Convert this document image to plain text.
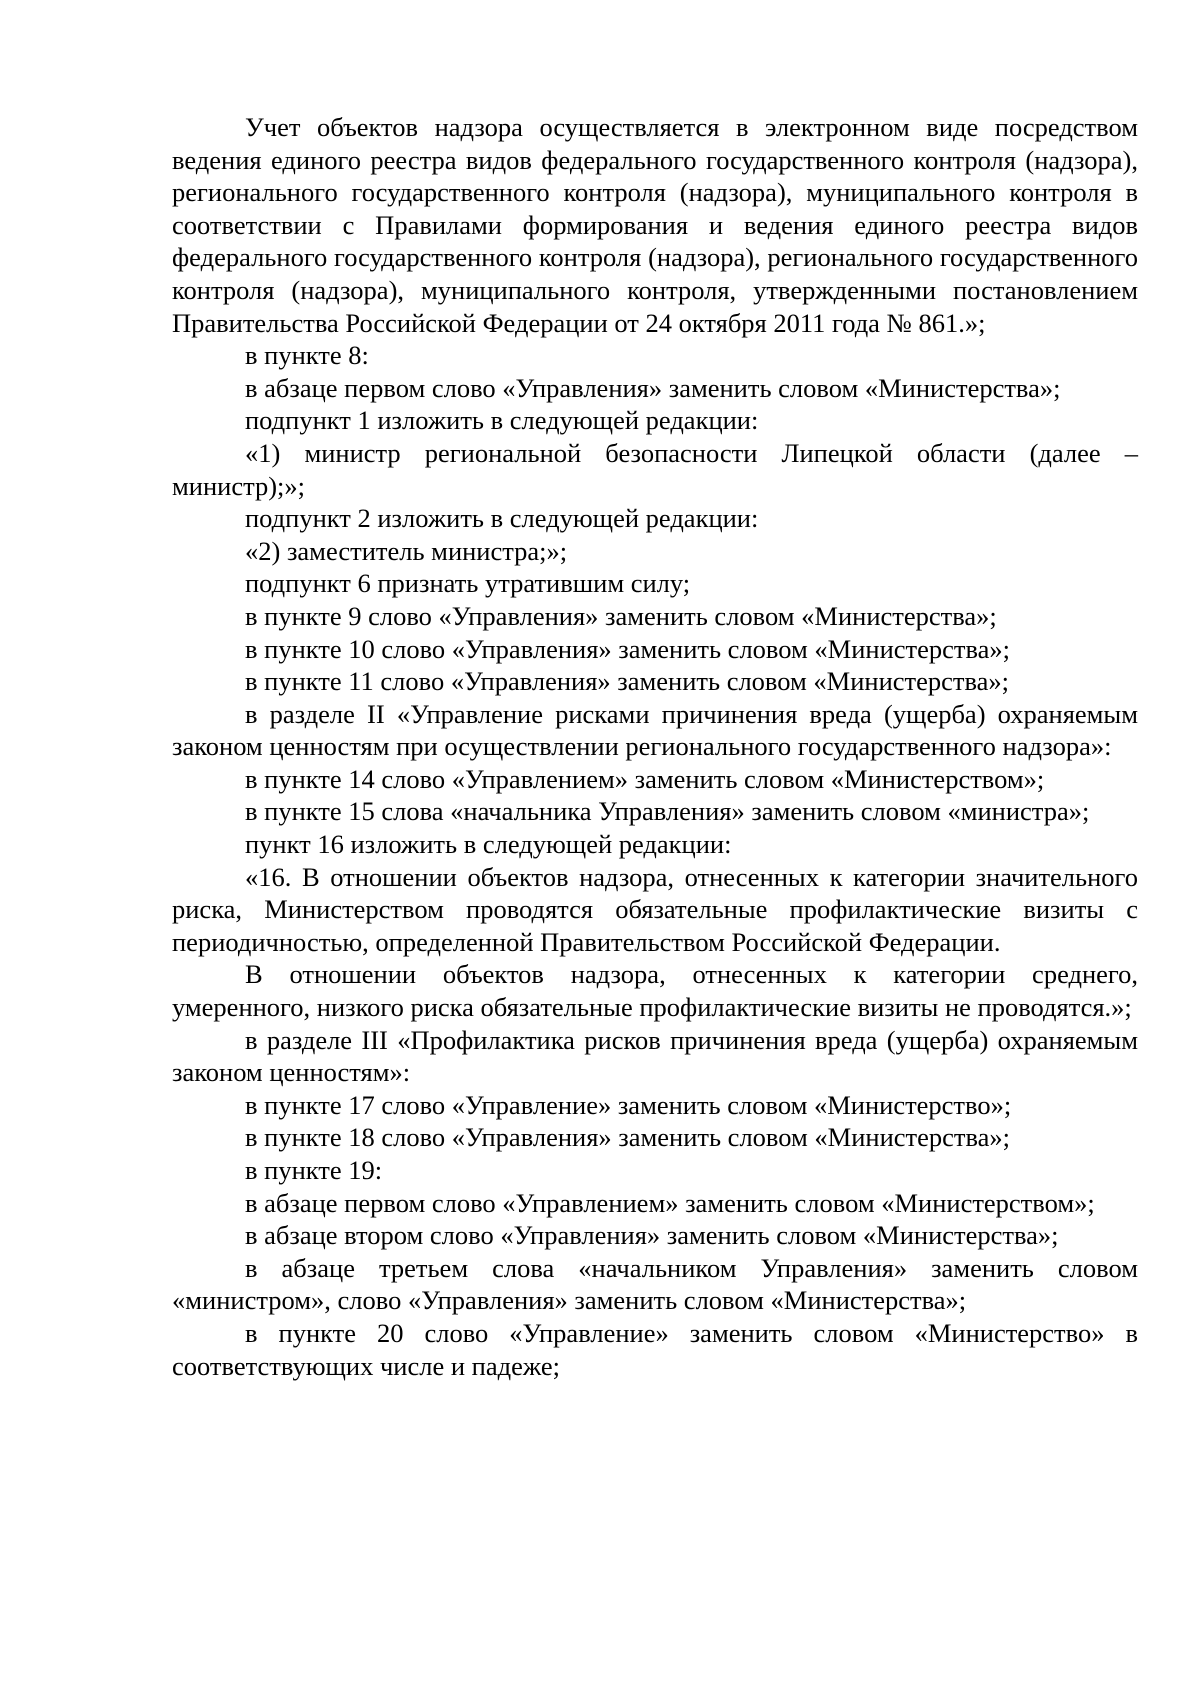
Учет объектов надзора осуществляется в электронном виде посредством ведения единого реестра видов федерального государственного контроля (надзора), регионального государственного контроля (надзора), муниципального контроля в соответствии с Правилами формирования и ведения единого реестра видов федерального государственного контроля (надзора), регионального государственного контроля (надзора), муниципального контроля, утвержденными постановлением Правительства Российской Федерации от 24 октября 2011 года № 861.»;

в пункте 8:

в абзаце первом слово «Управления» заменить словом «Министерства»;

подпункт 1 изложить в следующей редакции:

«1) министр региональной безопасности Липецкой области (далее – министр);»;

подпункт 2 изложить в следующей редакции:

«2) заместитель министра;»;

подпункт 6 признать утратившим силу;

в пункте 9 слово «Управления» заменить словом «Министерства»;

в пункте 10 слово «Управления» заменить словом «Министерства»;

в пункте 11 слово «Управления» заменить словом «Министерства»;

в разделе II «Управление рисками причинения вреда (ущерба) охраняемым законом ценностям при осуществлении регионального государственного надзора»:

в пункте 14 слово «Управлением» заменить словом «Министерством»;

в пункте 15 слова «начальника Управления» заменить словом «министра»;

пункт 16 изложить в следующей редакции:

«16. В отношении объектов надзора, отнесенных к категории значительного риска, Министерством проводятся обязательные профилактические визиты с периодичностью, определенной Правительством Российской Федерации.

В отношении объектов надзора, отнесенных к категории среднего, умеренного, низкого риска обязательные профилактические визиты не проводятся.»;

в разделе III «Профилактика рисков причинения вреда (ущерба) охраняемым законом ценностям»:

в пункте 17 слово «Управление» заменить словом «Министерство»;

в пункте 18 слово «Управления» заменить словом «Министерства»;

в пункте 19:

в абзаце первом слово «Управлением» заменить словом «Министерством»;

в абзаце втором слово «Управления» заменить словом «Министерства»;

в абзаце третьем слова «начальником Управления» заменить словом «министром», слово «Управления» заменить словом «Министерства»;

в пункте 20 слово «Управление» заменить словом «Министерство» в соответствующих числе и падеже;
